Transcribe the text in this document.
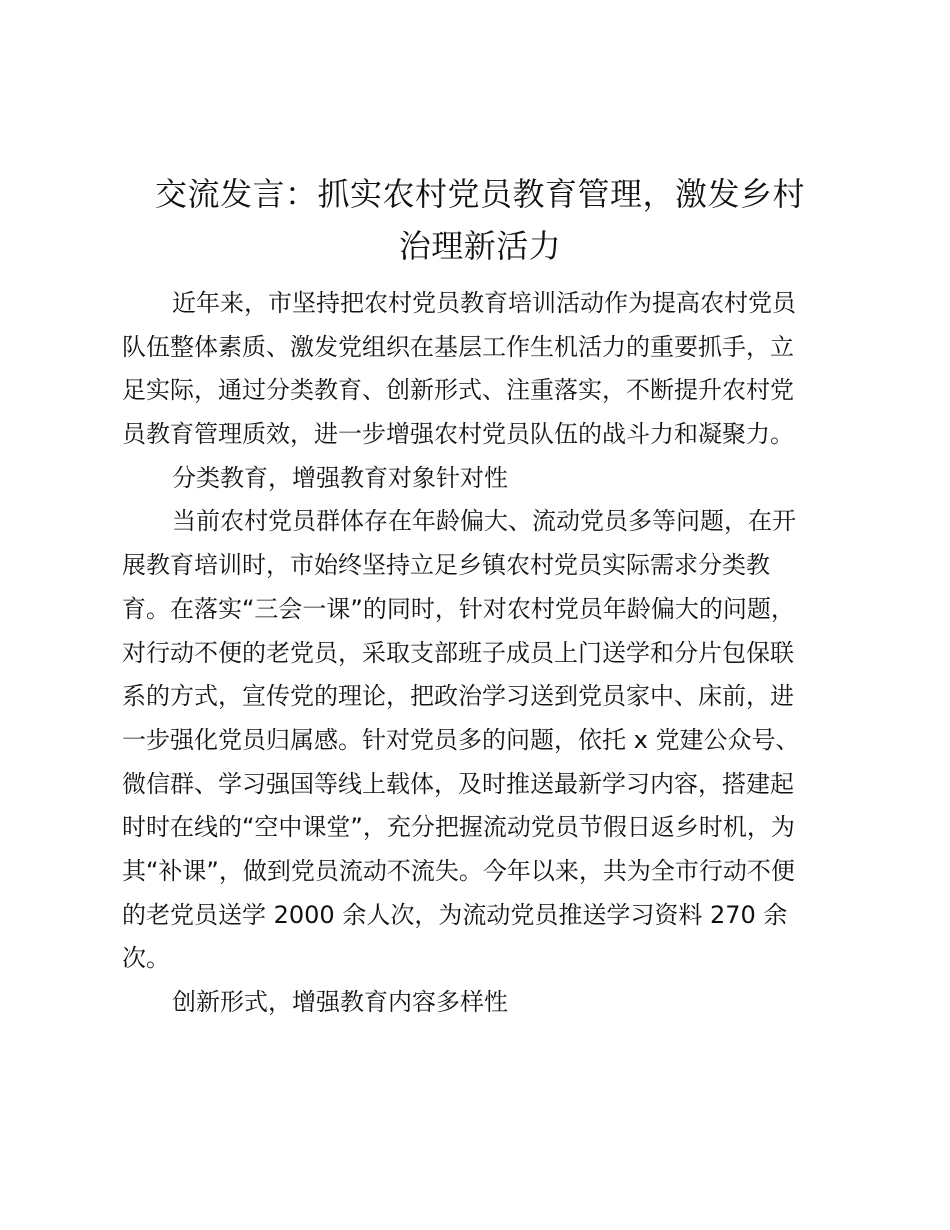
交流发言：抓实农村党员教育管理，激发乡村
治理新活力
近年来，市坚持把农村党员教育培训活动作为提高农村党员
队伍整体素质、激发党组织在基层工作生机活力的重要抓手，立
足实际，通过分类教育、创新形式、注重落实，不断提升农村党
员教育管理质效，进一步增强农村党员队伍的战斗力和凝聚力。
分类教育，增强教育对象针对性
当前农村党员群体存在年龄偏大、流动党员多等问题，在开
展教育培训时，市始终坚持立足乡镇农村党员实际需求分类教
育。在落实“三会一课”的同时，针对农村党员年龄偏大的问题，
对行动不便的老党员，采取支部班子成员上门送学和分片包保联
系的方式，宣传党的理论，把政治学习送到党员家中、床前，进
一步强化党员归属感。针对党员多的问题，依托 x 党建公众号、
微信群、学习强国等线上载体，及时推送最新学习内容，搭建起
时时在线的“空中课堂”，充分把握流动党员节假日返乡时机，为
其“补课”，做到党员流动不流失。今年以来，共为全市行动不便
的老党员送学 2000 余人次，为流动党员推送学习资料 270 余
次。
创新形式，增强教育内容多样性
